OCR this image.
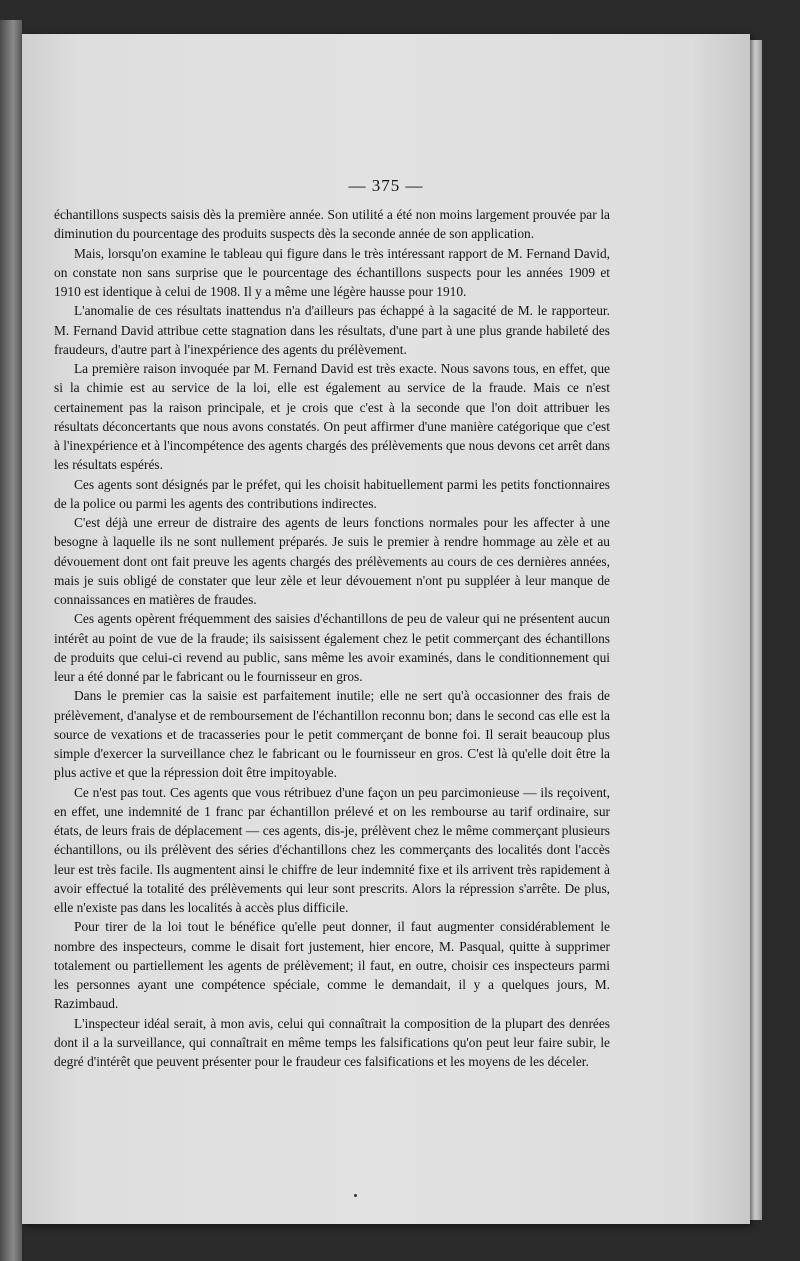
— 375 —

échantillons suspects saisis dès la première année. Son utilité a été non moins largement prouvée par la diminution du pourcentage des produits suspects dès la seconde année de son application.

Mais, lorsqu'on examine le tableau qui figure dans le très intéressant rapport de M. Fernand David, on constate non sans surprise que le pourcentage des échantillons suspects pour les années 1909 et 1910 est identique à celui de 1908. Il y a même une légère hausse pour 1910.

L'anomalie de ces résultats inattendus n'a d'ailleurs pas échappé à la sagacité de M. le rapporteur. M. Fernand David attribue cette stagnation dans les résultats, d'une part à une plus grande habileté des fraudeurs, d'autre part à l'inexpérience des agents du prélèvement.

La première raison invoquée par M. Fernand David est très exacte. Nous savons tous, en effet, que si la chimie est au service de la loi, elle est également au service de la fraude. Mais ce n'est certainement pas la raison principale, et je crois que c'est à la seconde que l'on doit attribuer les résultats déconcertants que nous avons constatés. On peut affirmer d'une manière catégorique que c'est à l'inexpérience et à l'incompétence des agents chargés des prélèvements que nous devons cet arrêt dans les résultats espérés.

Ces agents sont désignés par le préfet, qui les choisit habituellement parmi les petits fonctionnaires de la police ou parmi les agents des contributions indirectes.

C'est déjà une erreur de distraire des agents de leurs fonctions normales pour les affecter à une besogne à laquelle ils ne sont nullement préparés. Je suis le premier à rendre hommage au zèle et au dévouement dont ont fait preuve les agents chargés des prélèvements au cours de ces dernières années, mais je suis obligé de constater que leur zèle et leur dévouement n'ont pu suppléer à leur manque de connaissances en matières de fraudes.

Ces agents opèrent fréquemment des saisies d'échantillons de peu de valeur qui ne présentent aucun intérêt au point de vue de la fraude; ils saisissent également chez le petit commerçant des échantillons de produits que celui-ci revend au public, sans même les avoir examinés, dans le conditionnement qui leur a été donné par le fabricant ou le fournisseur en gros.

Dans le premier cas la saisie est parfaitement inutile; elle ne sert qu'à occasionner des frais de prélèvement, d'analyse et de remboursement de l'échantillon reconnu bon; dans le second cas elle est la source de vexations et de tracasseries pour le petit commerçant de bonne foi. Il serait beaucoup plus simple d'exercer la surveillance chez le fabricant ou le fournisseur en gros. C'est là qu'elle doit être la plus active et que la répression doit être impitoyable.

Ce n'est pas tout. Ces agents que vous rétribuez d'une façon un peu parcimonieuse — ils reçoivent, en effet, une indemnité de 1 franc par échantillon prélevé et on les rembourse au tarif ordinaire, sur états, de leurs frais de déplacement — ces agents, dis-je, prélèvent chez le même commerçant plusieurs échantillons, ou ils prélèvent des séries d'échantillons chez les commerçants des localités dont l'accès leur est très facile. Ils augmentent ainsi le chiffre de leur indemnité fixe et ils arrivent très rapidement à avoir effectué la totalité des prélèvements qui leur sont prescrits. Alors la répression s'arrête. De plus, elle n'existe pas dans les localités à accès plus difficile.

Pour tirer de la loi tout le bénéfice qu'elle peut donner, il faut augmenter considérablement le nombre des inspecteurs, comme le disait fort justement, hier encore, M. Pasqual, quitte à supprimer totalement ou partiellement les agents de prélèvement; il faut, en outre, choisir ces inspecteurs parmi les personnes ayant une compétence spéciale, comme le demandait, il y a quelques jours, M. Razimbaud.

L'inspecteur idéal serait, à mon avis, celui qui connaîtrait la composition de la plupart des denrées dont il a la surveillance, qui connaîtrait en même temps les falsifications qu'on peut leur faire subir, le degré d'intérêt que peuvent présenter pour le fraudeur ces falsifications et les moyens de les déceler.
